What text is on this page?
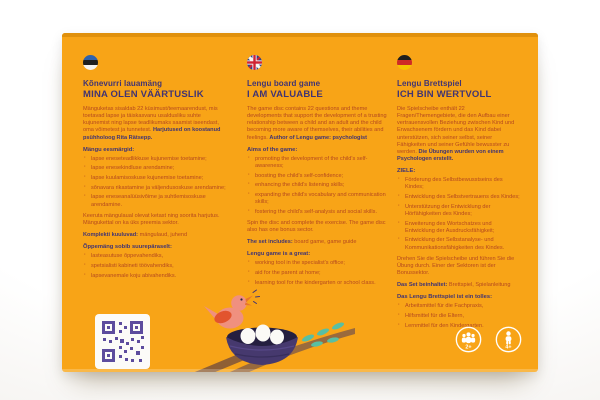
Kõnevurri lauamäng
MINA OLEN VÄÄRTUSLIK

Mänguketas sisaldab 22 küsimust/teemaarendust, mis toetavad lapse ja täiskasvanu usaldusliku suhte kujunemist ning lapse teadlikumaks saamist iseendast, oma võimetest ja tunnetest. Harjutused on koostanud psühholoog Rita Rätsepp.

Mängu eesmärgid:
· lapse eneseteadlikkuse kujunemise toetamine;
· lapse enesekindluse arendamine;
· lapse kuulamisoskuse kujunemise toetamine;
· sõnavara rikastamine ja väljendusoskuse arendamine;
· lapse eneseanalüüsivõime ja suhtlemisoskuse arendamine.

Keeruta mängulaual olevat ketast ning soorita harjutus. Mängukettal on ka üks preemia sektor.

Komplekti kuuluvad: mängulaud, juhend

Õppemäng sobib suurepäraselt:
· lasteasutuse õppevahendiks,
· spetsialisti kabineti töövahendiks,
· lapsevanemale koju abivahendiks.
Lengu board game
I AM VALUABLE

The game disc contains 22 questions and theme developments that support the development of a trusting relationship between a child and an adult and the child becoming more aware of themselves, their abilities and feelings. Author of Lengu game: psychologist

Aims of the game:
· promoting the development of the child's self-awareness;
· boosting the child's self-confidence;
· enhancing the child's listening skills;
· expanding the child's vocabulary and communication skills;
· fostering the child's self-analysis and social skills.

Spin the disc and complete the exercise. The game disc also has one bonus sector.

The set includes: board game, game guide

Lengu game is a great:
· working tool in the specialist's office;
· aid for the parent at home;
· learning tool for the kindergarten or school class.
Lengu Brettspiel
ICH BIN WERTVOLL

Die Spielscheibe enthält 22 Fragen/Themengebiete, die den Aufbau einer vertrauensvollen Beziehung zwischen Kind und Erwachsenem fördern und das Kind dabei unterstützen, sich seiner selbst, seiner Fähigkeiten und seiner Gefühle bewusster zu werden. Die Übungen wurden von einem Psychologen erstellt.

ZIELE:
· Förderung des Selbstbewusstseins des Kindes;
· Entwicklung des Selbstvertrauens des Kindes;
· Unterstützung der Entwicklung der Hörfähigkeiten des Kindes;
· Erweiterung des Wortschatzes und Entwicklung der Ausdrucksfähigkeit;
· Entwicklung der Selbstanalyse- und Kommunikationsfähigkeiten des Kindes.

Drehen Sie die Spielscheibe und führen Sie die Übung durch. Einer der Sektoren ist der Bonussektor.

Das Set beinhaltet: Brettspiel, Spielanleitung

Das Lengu Brettspiel ist ein tolles:
· Arbeitsmittel für die Fachpraxis,
· Hilfsmittel für die Eltern,
· Lernmittel für den Kindergarten.
2+	4+
